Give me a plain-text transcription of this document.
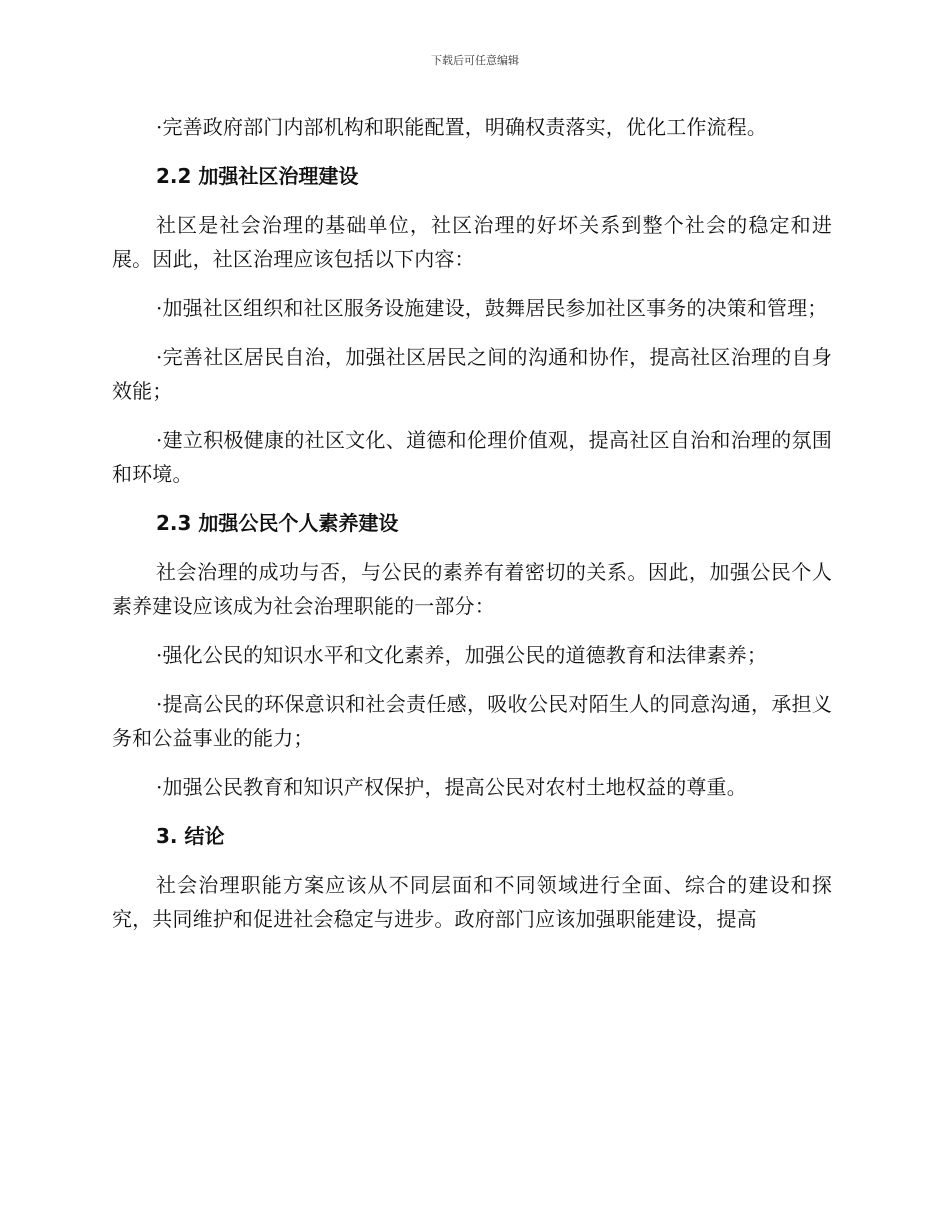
下载后可任意编辑

·完善政府部门内部机构和职能配置，明确权责落实，优化工作流程。

2.2 加强社区治理建设

社区是社会治理的基础单位，社区治理的好坏关系到整个社会的稳定和进展。因此，社区治理应该包括以下内容：

·加强社区组织和社区服务设施建设，鼓舞居民参加社区事务的决策和管理；

·完善社区居民自治，加强社区居民之间的沟通和协作，提高社区治理的自身效能；

·建立积极健康的社区文化、道德和伦理价值观，提高社区自治和治理的氛围和环境。

2.3 加强公民个人素养建设

社会治理的成功与否，与公民的素养有着密切的关系。因此，加强公民个人素养建设应该成为社会治理职能的一部分：

·强化公民的知识水平和文化素养，加强公民的道德教育和法律素养；

·提高公民的环保意识和社会责任感，吸收公民对陌生人的同意沟通，承担义务和公益事业的能力；

·加强公民教育和知识产权保护，提高公民对农村土地权益的尊重。

3. 结论

社会治理职能方案应该从不同层面和不同领域进行全面、综合的建设和探究，共同维护和促进社会稳定与进步。政府部门应该加强职能建设，提高
